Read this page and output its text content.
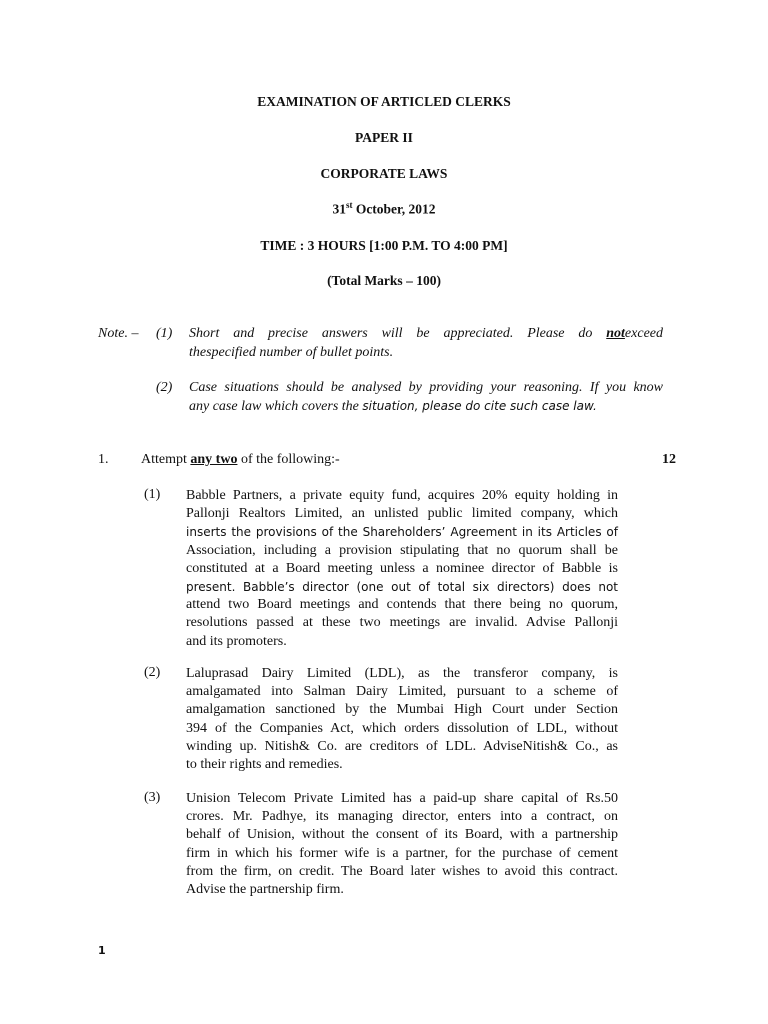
EXAMINATION OF ARTICLED CLERKS
PAPER II
CORPORATE LAWS
31st October, 2012
TIME : 3 HOURS [1:00 P.M. TO 4:00 PM]
(Total Marks – 100)
Note. – (1) Short and precise answers will be appreciated. Please do notexceed
thespecified number of bullet points.
(2) Case situations should be analysed by providing your reasoning. If you know
any case law which covers the situation, please do cite such case law.
1. Attempt any two of the following:-	12
(1) Babble Partners, a private equity fund, acquires 20% equity holding in
Pallonji Realtors Limited, an unlisted public limited company, which
inserts the provisions of the Shareholders’ Agreement in its Articles of
Association, including a provision stipulating that no quorum shall be
constituted at a Board meeting unless a nominee director of Babble is
present. Babble’s director (one out of total six directors) does not
attend two Board meetings and contends that there being no quorum,
resolutions passed at these two meetings are invalid. Advise Pallonji
and its promoters.
(2) Laluprasad Dairy Limited (LDL), as the transferor company, is
amalgamated into Salman Dairy Limited, pursuant to a scheme of
amalgamation sanctioned by the Mumbai High Court under Section
394 of the Companies Act, which orders dissolution of LDL, without
winding up. Nitish& Co. are creditors of LDL. AdviseNitish& Co., as
to their rights and remedies.
(3) Unision Telecom Private Limited has a paid-up share capital of Rs.50
crores. Mr. Padhye, its managing director, enters into a contract, on
behalf of Unision, without the consent of its Board, with a partnership
firm in which his former wife is a partner, for the purchase of cement
from the firm, on credit. The Board later wishes to avoid this contract.
Advise the partnership firm.
1
